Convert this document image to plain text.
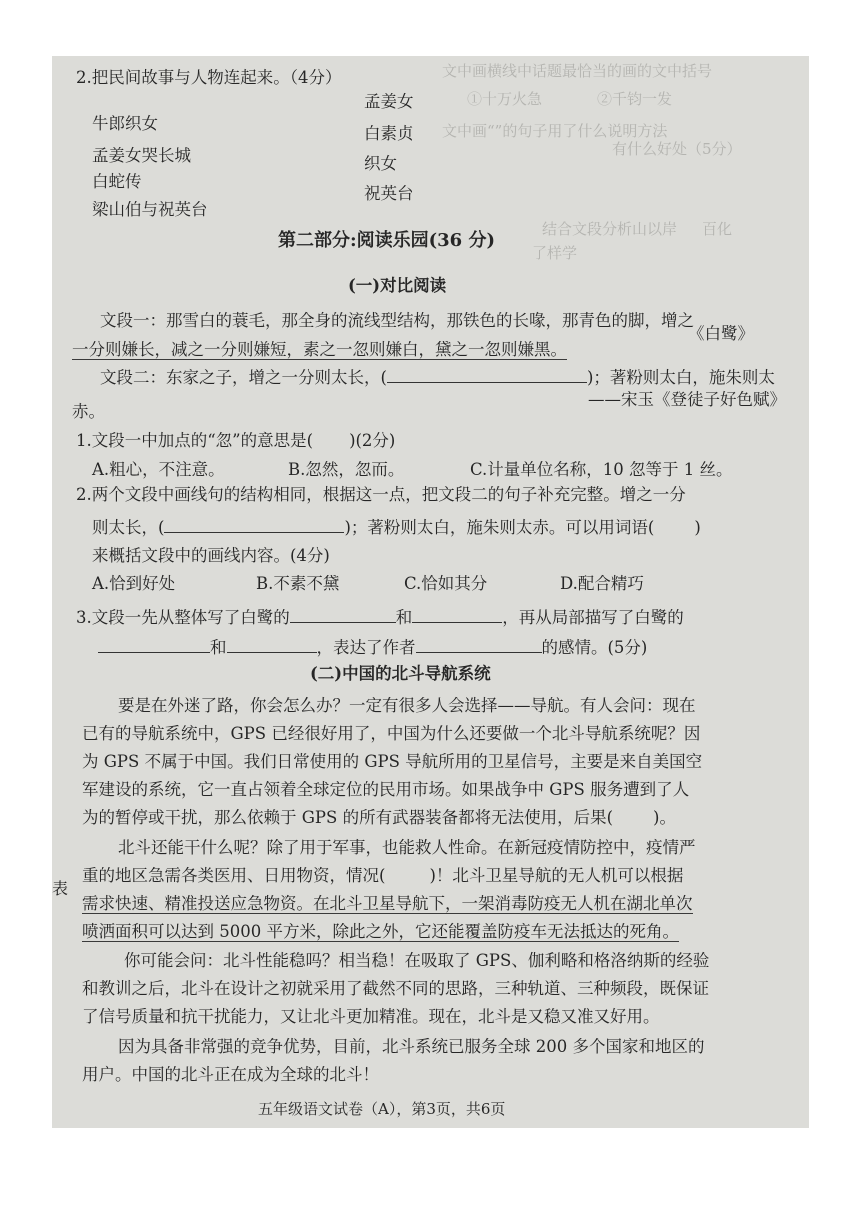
文中画横线中话题最恰当的画的文中括号
①十万火急	②千钧一发
文中画“”的句子用了什么说明方法
有什么好处（5分）
结合文段分析山以岸 百化
了样学
2.把民间故事与人物连起来。（4分）
牛郎织女
孟姜女哭长城
白蛇传
梁山伯与祝英台
孟姜女
白素贞
织女
祝英台
第二部分:阅读乐园(36 分)
(一)对比阅读
文段一：那雪白的蓑毛，那全身的流线型结构，那铁色的长喙，那青色的脚，增之
一分则嫌长，减之一分则嫌短，素之一忽则嫌白，黛之一忽则嫌黑。
《白鹭》
文段二：东家之子，增之一分则太长，(	)；著粉则太白，施朱则太
赤。
——宋玉《登徒子好色赋》
1.文段一中加点的“忽”的意思是( )(2分)
A.粗心，不注意。	B.忽然，忽而。	C.计量单位名称，10 忽等于 1 丝。
2.两个文段中画线句的结构相同，根据这一点，把文段二的句子补充完整。增之一分
则太长，(	)；著粉则太白，施朱则太赤。可以用词语( )
来概括文段中的画线内容。(4分)
A.恰到好处	B.不素不黛	C.恰如其分	D.配合精巧
3.文段一先从整体写了白鹭的	和	，再从局部描写了白鹭的
和	，表达了作者	的感情。(5分)
(二)中国的北斗导航系统
要是在外迷了路，你会怎么办？一定有很多人会选择——导航。有人会问：现在
已有的导航系统中，GPS 已经很好用了，中国为什么还要做一个北斗导航系统呢？因
为 GPS 不属于中国。我们日常使用的 GPS 导航所用的卫星信号，主要是来自美国空
军建设的系统，它一直占领着全球定位的民用市场。如果战争中 GPS 服务遭到了人
为的暂停或干扰，那么依赖于 GPS 的所有武器装备都将无法使用，后果( )。
北斗还能干什么呢？除了用于军事，也能救人性命。在新冠疫情防控中，疫情严
重的地区急需各类医用、日用物资，情况(	)！北斗卫星导航的无人机可以根据
需求快速、精准投送应急物资。在北斗卫星导航下，一架消毒防疫无人机在湖北单次
喷洒面积可以达到 5000 平方米，除此之外，它还能覆盖防疫车无法抵达的死角。
你可能会问：北斗性能稳吗？相当稳！在吸取了 GPS、伽利略和格洛纳斯的经验
和教训之后，北斗在设计之初就采用了截然不同的思路，三种轨道、三种频段，既保证
了信号质量和抗干扰能力，又让北斗更加精准。现在，北斗是又稳又准又好用。
因为具备非常强的竞争优势，目前，北斗系统已服务全球 200 多个国家和地区的
用户。中国的北斗正在成为全球的北斗！
五年级语文试卷（A），第3页，共6页
表
